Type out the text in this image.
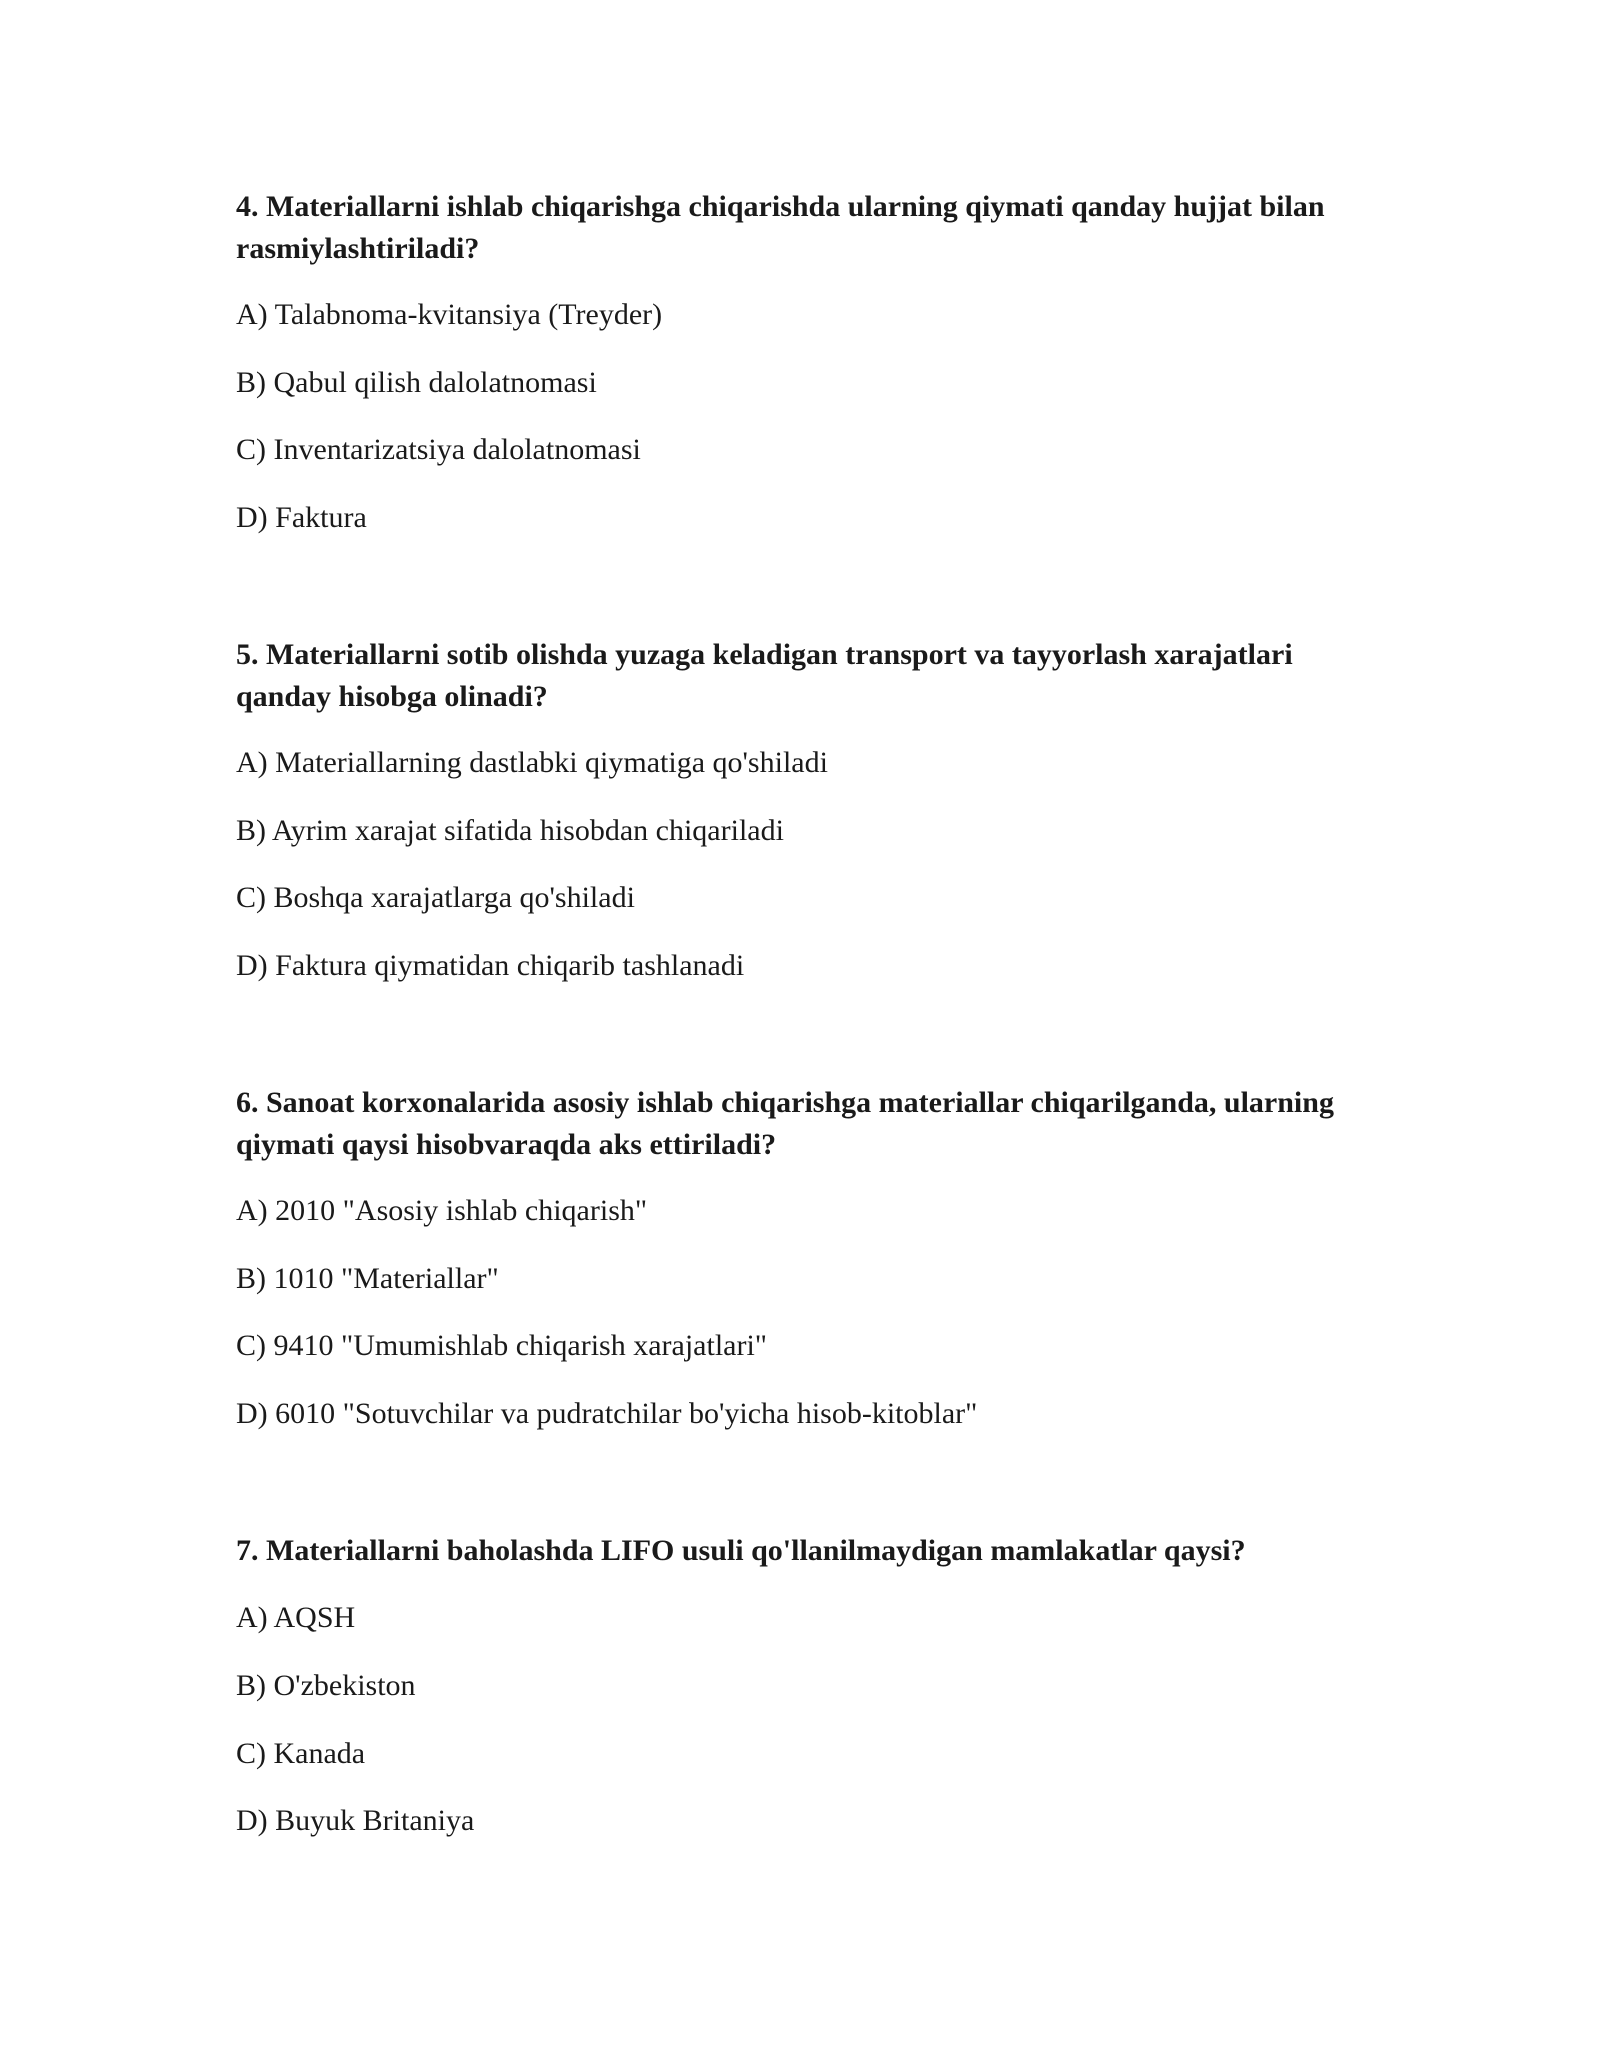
4. Materiallarni ishlab chiqarishga chiqarishda ularning qiymati qanday hujjat bilan rasmiylashtiriladi?

A) Talabnoma-kvitansiya (Treyder)

B) Qabul qilish dalolatnomasi

C) Inventarizatsiya dalolatnomasi

D) Faktura

5. Materiallarni sotib olishda yuzaga keladigan transport va tayyorlash xarajatlari qanday hisobga olinadi?

A) Materiallarning dastlabki qiymatiga qo'shiladi

B) Ayrim xarajat sifatida hisobdan chiqariladi

C) Boshqa xarajatlarga qo'shiladi

D) Faktura qiymatidan chiqarib tashlanadi

6. Sanoat korxonalarida asosiy ishlab chiqarishga materiallar chiqarilganda, ularning qiymati qaysi hisobvaraqda aks ettiriladi?

A) 2010 "Asosiy ishlab chiqarish"

B) 1010 "Materiallar"

C) 9410 "Umumishlab chiqarish xarajatlari"

D) 6010 "Sotuvchilar va pudratchilar bo'yicha hisob-kitoblar"

7. Materiallarni baholashda LIFO usuli qo'llanilmaydigan mamlakatlar qaysi?

A) AQSH

B) O'zbekiston

C) Kanada

D) Buyuk Britaniya
